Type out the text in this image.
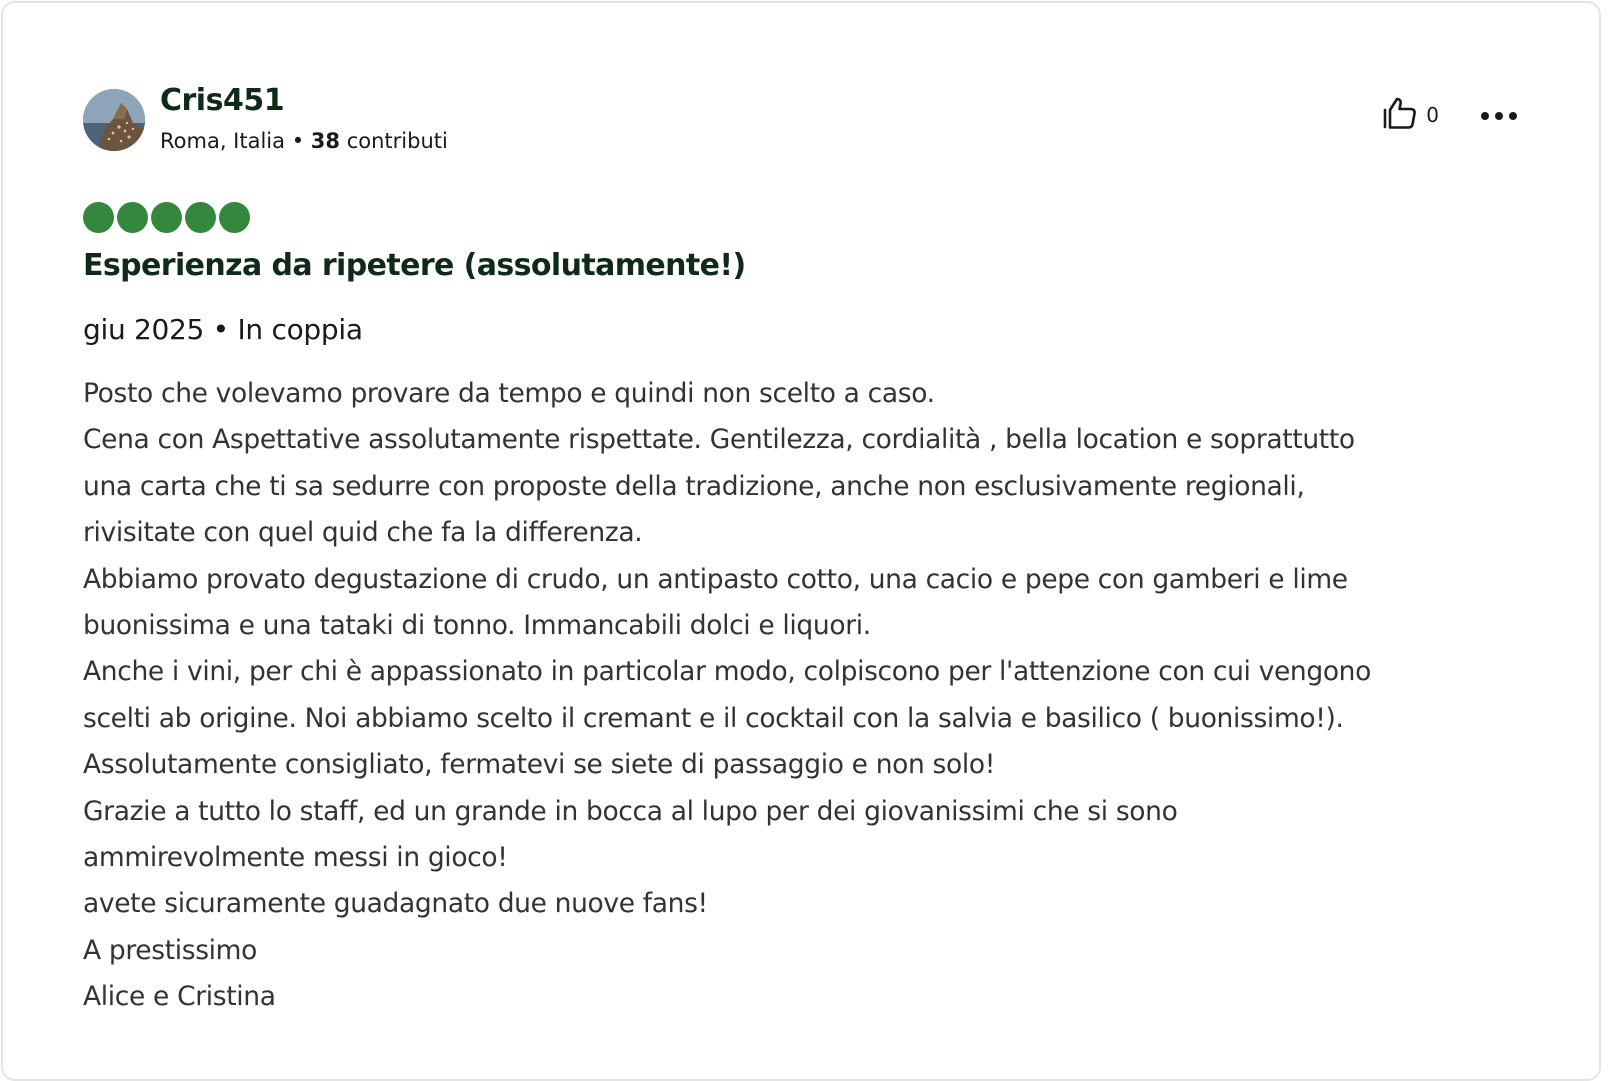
Cris451
Roma, Italia • 38 contributi
0
Esperienza da ripetere (assolutamente!)
giu 2025 • In coppia
Posto che volevamo provare da tempo e quindi non scelto a caso.
Cena con Aspettative assolutamente rispettate. Gentilezza, cordialità , bella location e soprattutto
una carta che ti sa sedurre con proposte della tradizione, anche non esclusivamente regionali,
rivisitate con quel quid che fa la differenza.
Abbiamo provato degustazione di crudo, un antipasto cotto, una cacio e pepe con gamberi e lime
buonissima e una tataki di tonno. Immancabili dolci e liquori.
Anche i vini, per chi è appassionato in particolar modo, colpiscono per l'attenzione con cui vengono
scelti ab origine. Noi abbiamo scelto il cremant e il cocktail con la salvia e basilico ( buonissimo!).
Assolutamente consigliato, fermatevi se siete di passaggio e non solo!
Grazie a tutto lo staff, ed un grande in bocca al lupo per dei giovanissimi che si sono
ammirevolmente messi in gioco!
avete sicuramente guadagnato due nuove fans!
A prestissimo
Alice e Cristina
